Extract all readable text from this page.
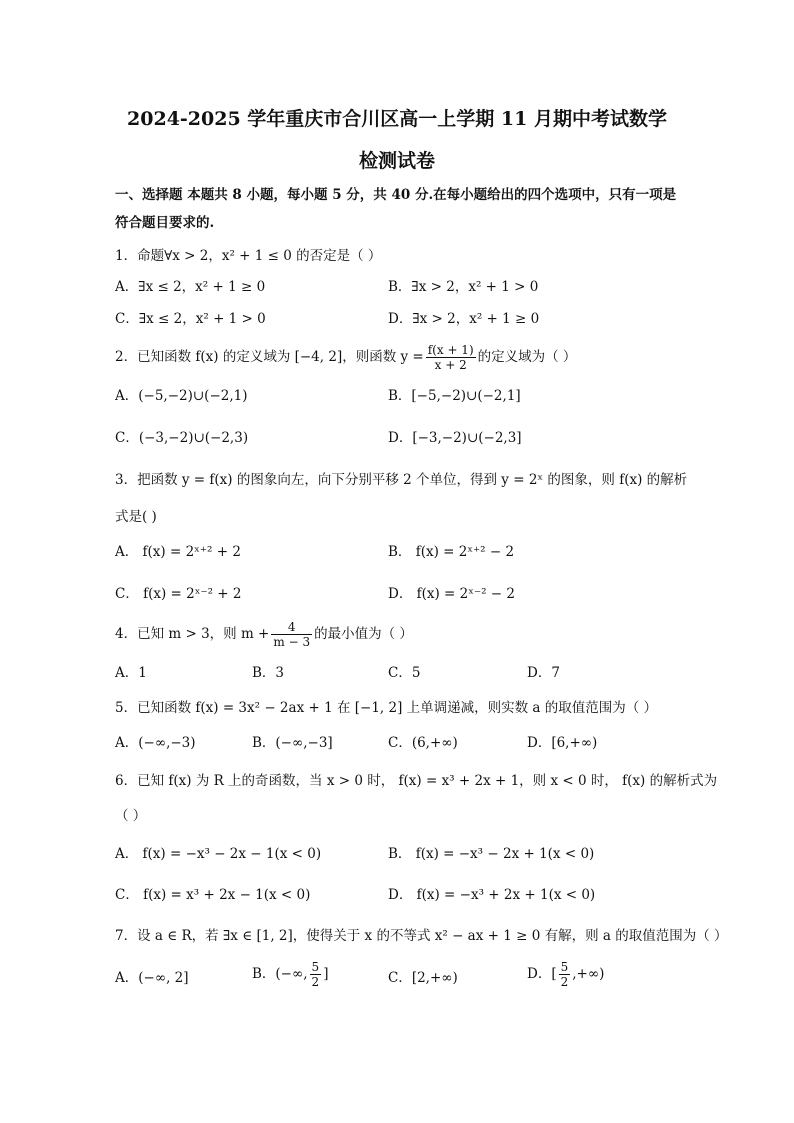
2024-2025 学年重庆市合川区高一上学期 11 月期中考试数学
检测试卷
一、选择题 本题共 8 小题，每小题 5 分，共 40 分.在每小题给出的四个选项中，只有一项是
符合题目要求的.
1．命题∀x > 2，x² + 1 ≤ 0 的否定是（ ）
A．∃x ≤ 2，x² + 1 ≥ 0	B．∃x > 2，x² + 1 > 0
C．∃x ≤ 2，x² + 1 > 0	D．∃x > 2，x² + 1 ≥ 0
2．已知函数 f(x) 的定义域为 [−4, 2]，则函数 $y = \frac{f(x + 1)}{x + 2}$ 的定义域为（ ）
A．(−5,−2)∪(−2,1)	B．[−5,−2)∪(−2,1]
C．(−3,−2)∪(−2,3)	D．[−3,−2)∪(−2,3]
3．把函数 y = f(x) 的图象向左，向下分别平移 2 个单位，得到 y = 2ˣ 的图象，则 f(x) 的解析
式是( )
A． f(x) = 2ˣ⁺² + 2	B． f(x) = 2ˣ⁺² − 2
C． f(x) = 2ˣ⁻² + 2	D． f(x) = 2ˣ⁻² − 2
4．已知 m > 3，则 $m + \frac{4}{m - 3}$ 的最小值为（ ）
A．1	B．3	C．5	D．7
5．已知函数 f(x) = 3x² − 2ax + 1 在 [−1, 2] 上单调递减，则实数 a 的取值范围为（ ）
A．(−∞,−3)	B．(−∞,−3]	C．(6,+∞)	D．[6,+∞)
6．已知 f(x) 为 R 上的奇函数，当 x > 0 时， f(x) = x³ + 2x + 1，则 x < 0 时， f(x) 的解析式为
（ ）
A． f(x) = −x³ − 2x − 1(x < 0)	B． f(x) = −x³ − 2x + 1(x < 0)
C． f(x) = x³ + 2x − 1(x < 0)	D． f(x) = −x³ + 2x + 1(x < 0)
7．设 a ∈ R，若 ∃x ∈ [1, 2]，使得关于 x 的不等式 x² − ax + 1 ≥ 0 有解，则 a 的取值范围为（ ）
A．(−∞, 2]	B．(−∞, $\frac{5}{2}$ ]	C．[2,+∞)	D．[ $\frac{5}{2}$ ,+∞)
